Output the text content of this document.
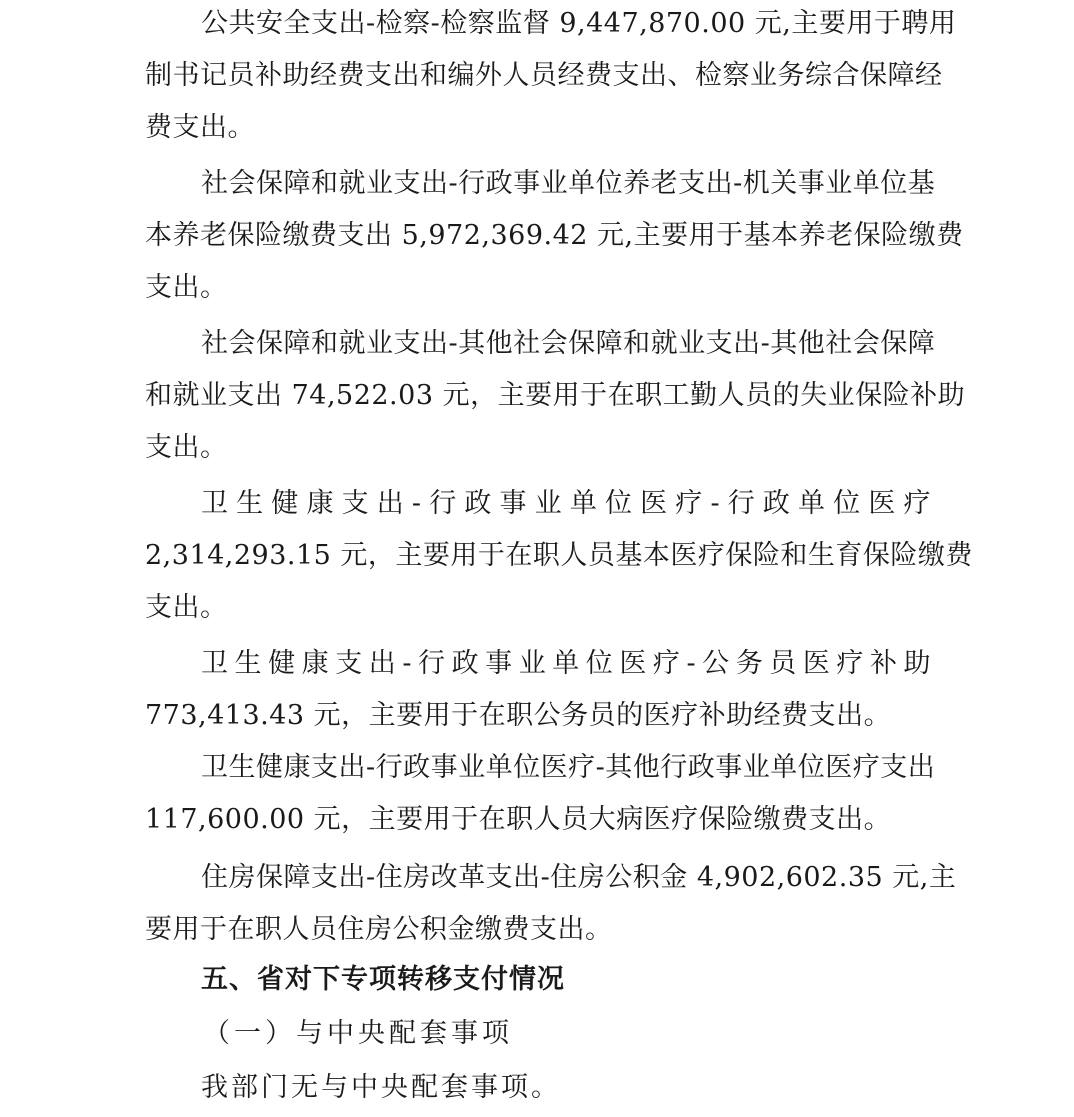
公共安全支出-检察-检察监督 9,447,870.00 元,主要用于聘用
制书记员补助经费支出和编外人员经费支出、检察业务综合保障经
费支出。
社会保障和就业支出-行政事业单位养老支出-机关事业单位基
本养老保险缴费支出 5,972,369.42 元,主要用于基本养老保险缴费
支出。
社会保障和就业支出-其他社会保障和就业支出-其他社会保障
和就业支出 74,522.03 元，主要用于在职工勤人员的失业保险补助
支出。
卫生健康支出-行政事业单位医疗-行政单位医疗
2,314,293.15 元，主要用于在职人员基本医疗保险和生育保险缴费
支出。
卫生健康支出-行政事业单位医疗-公务员医疗补助
773,413.43 元，主要用于在职公务员的医疗补助经费支出。
卫生健康支出-行政事业单位医疗-其他行政事业单位医疗支出
117,600.00 元，主要用于在职人员大病医疗保险缴费支出。
住房保障支出-住房改革支出-住房公积金 4,902,602.35 元,主
要用于在职人员住房公积金缴费支出。
五、省对下专项转移支付情况
（一）与中央配套事项
我部门无与中央配套事项。
